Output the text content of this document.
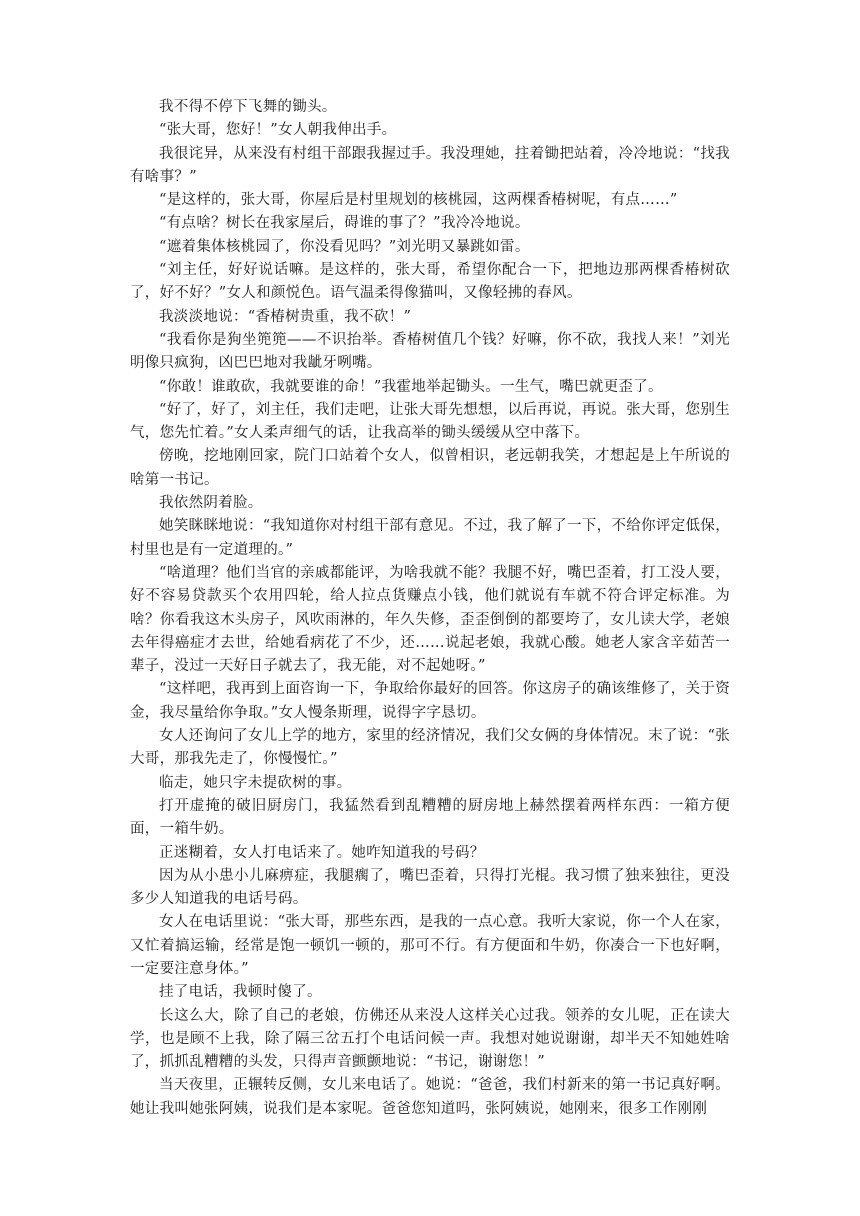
我不得不停下飞舞的锄头。

“张大哥，您好！”女人朝我伸出手。

我很诧异，从来没有村组干部跟我握过手。我没理她，拄着锄把站着，冷冷地说：“找我有啥事？”

“是这样的，张大哥，你屋后是村里规划的核桃园，这两棵香椿树呢，有点……”

“有点啥？树长在我家屋后，碍谁的事了？”我冷冷地说。

“遮着集体核桃园了，你没看见吗？”刘光明又暴跳如雷。

“刘主任，好好说话嘛。是这样的，张大哥，希望你配合一下，把地边那两棵香椿树砍了，好不好？”女人和颜悦色。语气温柔得像猫叫，又像轻拂的春风。

我淡淡地说：“香椿树贵重，我不砍！”

“我看你是狗坐篼篼——不识抬举。香椿树值几个钱？好嘛，你不砍，我找人来！”刘光明像只疯狗，凶巴巴地对我龇牙咧嘴。

“你敢！谁敢砍，我就要谁的命！”我霍地举起锄头。一生气，嘴巴就更歪了。

“好了，好了，刘主任，我们走吧，让张大哥先想想，以后再说，再说。张大哥，您别生气，您先忙着。”女人柔声细气的话，让我高举的锄头缓缓从空中落下。

傍晚，挖地刚回家，院门口站着个女人，似曾相识，老远朝我笑，才想起是上午所说的啥第一书记。

我依然阴着脸。

她笑眯眯地说：“我知道你对村组干部有意见。不过，我了解了一下，不给你评定低保，村里也是有一定道理的。”

“啥道理？他们当官的亲戚都能评，为啥我就不能？我腿不好，嘴巴歪着，打工没人要，好不容易贷款买个农用四轮，给人拉点货赚点小钱，他们就说有车就不符合评定标准。为啥？你看我这木头房子，风吹雨淋的，年久失修，歪歪倒倒的都要垮了，女儿读大学，老娘去年得癌症才去世，给她看病花了不少，还……说起老娘，我就心酸。她老人家含辛茹苦一辈子，没过一天好日子就去了，我无能，对不起她呀。”

“这样吧，我再到上面咨询一下，争取给你最好的回答。你这房子的确该维修了，关于资金，我尽量给你争取。”女人慢条斯理，说得字字恳切。

女人还询问了女儿上学的地方，家里的经济情况，我们父女俩的身体情况。末了说：“张大哥，那我先走了，你慢慢忙。”

临走，她只字未提砍树的事。

打开虚掩的破旧厨房门，我猛然看到乱糟糟的厨房地上赫然摆着两样东西：一箱方便面，一箱牛奶。

正迷糊着，女人打电话来了。她咋知道我的号码？

因为从小患小儿麻痹症，我腿瘸了，嘴巴歪着，只得打光棍。我习惯了独来独往，更没多少人知道我的电话号码。

女人在电话里说：“张大哥，那些东西，是我的一点心意。我听大家说，你一个人在家，又忙着搞运输，经常是饱一顿饥一顿的，那可不行。有方便面和牛奶，你凑合一下也好啊，一定要注意身体。”

挂了电话，我顿时傻了。

长这么大，除了自己的老娘，仿佛还从来没人这样关心过我。领养的女儿呢，正在读大学，也是顾不上我，除了隔三岔五打个电话问候一声。我想对她说谢谢，却半天不知她姓啥了，抓抓乱糟糟的头发，只得声音颤颤地说：“书记，谢谢您！”

当天夜里，正辗转反侧，女儿来电话了。她说：“爸爸，我们村新来的第一书记真好啊。她让我叫她张阿姨，说我们是本家呢。爸爸您知道吗，张阿姨说，她刚来，很多工作刚刚
